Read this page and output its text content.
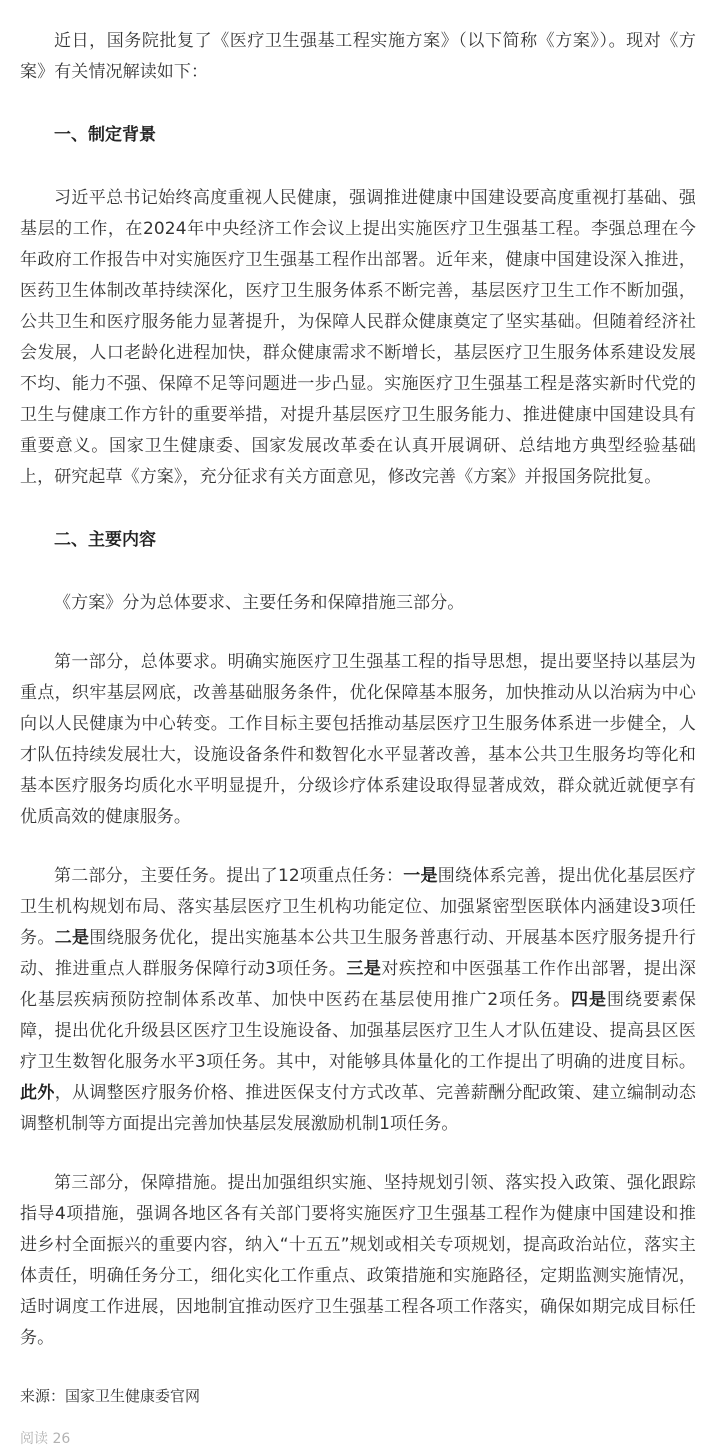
近日，国务院批复了《医疗卫生强基工程实施方案》（以下简称《方案》）。现对《方案》有关情况解读如下：

一、制定背景

习近平总书记始终高度重视人民健康，强调推进健康中国建设要高度重视打基础、强基层的工作，在2024年中央经济工作会议上提出实施医疗卫生强基工程。李强总理在今年政府工作报告中对实施医疗卫生强基工程作出部署。近年来，健康中国建设深入推进，医药卫生体制改革持续深化，医疗卫生服务体系不断完善，基层医疗卫生工作不断加强，公共卫生和医疗服务能力显著提升，为保障人民群众健康奠定了坚实基础。但随着经济社会发展，人口老龄化进程加快，群众健康需求不断增长，基层医疗卫生服务体系建设发展不均、能力不强、保障不足等问题进一步凸显。实施医疗卫生强基工程是落实新时代党的卫生与健康工作方针的重要举措，对提升基层医疗卫生服务能力、推进健康中国建设具有重要意义。国家卫生健康委、国家发展改革委在认真开展调研、总结地方典型经验基础上，研究起草《方案》，充分征求有关方面意见，修改完善《方案》并报国务院批复。

二、主要内容

《方案》分为总体要求、主要任务和保障措施三部分。

第一部分，总体要求。明确实施医疗卫生强基工程的指导思想，提出要坚持以基层为重点，织牢基层网底，改善基础服务条件，优化保障基本服务，加快推动从以治病为中心向以人民健康为中心转变。工作目标主要包括推动基层医疗卫生服务体系进一步健全，人才队伍持续发展壮大，设施设备条件和数智化水平显著改善，基本公共卫生服务均等化和基本医疗服务均质化水平明显提升，分级诊疗体系建设取得显著成效，群众就近就便享有优质高效的健康服务。

第二部分，主要任务。提出了12项重点任务：一是围绕体系完善，提出优化基层医疗卫生机构规划布局、落实基层医疗卫生机构功能定位、加强紧密型医联体内涵建设3项任务。二是围绕服务优化，提出实施基本公共卫生服务普惠行动、开展基本医疗服务提升行动、推进重点人群服务保障行动3项任务。三是对疾控和中医强基工作作出部署，提出深化基层疾病预防控制体系改革、加快中医药在基层使用推广2项任务。四是围绕要素保障，提出优化升级县区医疗卫生设施设备、加强基层医疗卫生人才队伍建设、提高县区医疗卫生数智化服务水平3项任务。其中，对能够具体量化的工作提出了明确的进度目标。此外，从调整医疗服务价格、推进医保支付方式改革、完善薪酬分配政策、建立编制动态调整机制等方面提出完善加快基层发展激励机制1项任务。

第三部分，保障措施。提出加强组织实施、坚持规划引领、落实投入政策、强化跟踪指导4项措施，强调各地区各有关部门要将实施医疗卫生强基工程作为健康中国建设和推进乡村全面振兴的重要内容，纳入“十五五”规划或相关专项规划，提高政治站位，落实主体责任，明确任务分工，细化实化工作重点、政策措施和实施路径，定期监测实施情况，适时调度工作进展，因地制宜推动医疗卫生强基工程各项工作落实，确保如期完成目标任务。

来源：国家卫生健康委官网

阅读 26
